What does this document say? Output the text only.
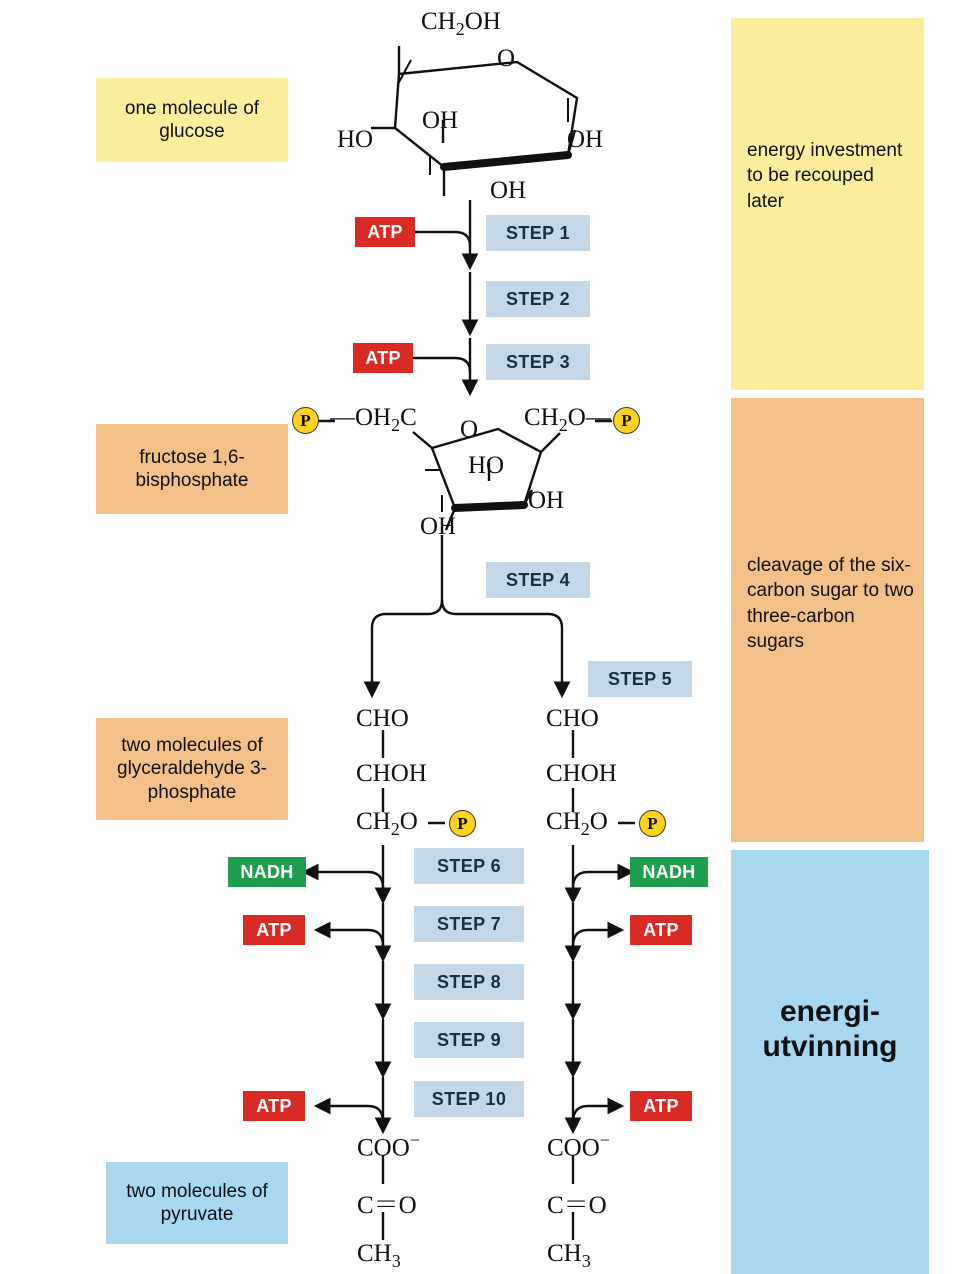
one molecule of glucose
fructose 1,6-bisphosphate
two molecules of glyceraldehyde 3-phosphate
two molecules of pyruvate
energy investment to be recouped later
cleavage of the six-carbon sugar to two three-carbon sugars
energi-utvinning
$CH_2OH$
O
OH
HO	OH
OH
STEP 1
STEP 2
STEP 3
ATP
ATP
P $—OH_2C$ O $CH_2O—$ P
HO
OH
OH
STEP 4
STEP 5
CHO
CHOH
$CH_2O$ P
CHO
CHOH
$CH_2O$ P
STEP 6
STEP 7
STEP 8
STEP 9
STEP 10
NADH
ATP
ATP
NADH
ATP
ATP
COO−
C＝O
$CH_3$
COO−
C＝O
$CH_3$
